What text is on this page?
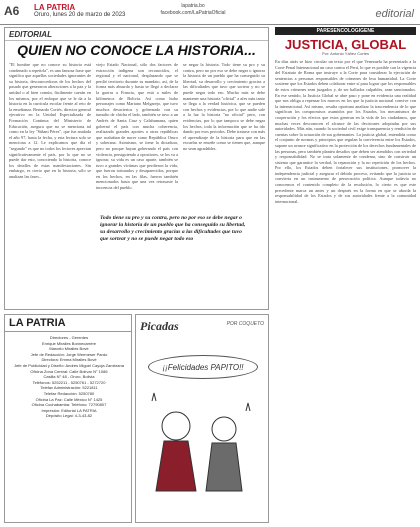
A6 LA PATRIA
Oruro, lunes 20 de marzo de 2023
lapatria.bo
facebook.com/LaPatriaOficial	editorial
EDITORIAL
QUIEN NO CONOCE LA HISTORIA...
"El hombre que no conoce su historia está condenado a repetirla", es una famosa frase que significa que aquellas sociedades ignorantes de su historia, desconocedoras de los hechos del pasado que generaron alteraciones a la paz y la unidad o al bien común, fácilmente caerán en los mismos, por el enfoque que se le da a la historia en la currícula escolar frente al reto de la enseñanza. Bernardo Cortés, director general ejecutivo en la Unidad Especializada de Formación Continua del Ministerio de Educación, asegura que no se menciona tal como en la ley "Siñani Pérez", que fue anulada el año 97, hasta la fecha, y esta lectura solo se menciona a 12. Le explicamos que día el "segundo" es que no todos los lectores aprecian significativamente el país, por lo que no se puede dar esto, conociendo la historia, conoce los detalles de estas manifestaciones. Sin embargo, es cierto que en la historia, sólo se analizan las fases...
viejo Estado Nacional, sólo dos factores de extracción indígena son reconocidos, el regional y el nacional, desplazando que se perdió territorio durante su mandato, así, de la forma más absurda y hasta se llegó a declarar la guerra a Francia, que está a miles de kilómetros de Bolivia. Así como hubo personajes como Mariano Melgarejo, que tuvo muchos desaciertos y gobernado con su tumulto de chicha el lado, también se tuvo a un Andrés de Santa Cruz y Calahumana, quien gobernó el país con mucha coherencia, realizando grandes aportes a otras repúblicas que acababan de nacer como República Oruro y soberana. Asimismo, se tiene la dictadura, pero no porque hayan gobernado el país con violencia, persiguiendo a opositores, se los va a ignorar, su vida es un caso aparte, también se tuvo a grandes víctimas que perdieron la vida, que fueron torturados y desaparecidos, porque en los hechos, en las filas, fueron también mencionados hasta que una vez retrasaste la inocencia del pueblo.
se negar la historia. Todo tiene su pro y su contra, pero no por eso se debe negar o ignorar la historia de un pueblo que ha conseguido su libertad, su desarrollo y crecimiento gracias a las dificultades que tuvo que sortear y no se puede negar todo eso. Mucho más se debe mantener una historia "oficial" a afes más tanto se llega a la verdad histórica, que se pueden con hechos y evidencias, por lo que nadie sale a la luz la historia "no oficial" pero, con evidencias, por lo que tampoco se debe negar los hechos, toda la información que se ha ido dando por esos periodos. Debe tratarse con más el aprendizaje de la historia para que en las escuelas se enseñe como se tienen que, aunque no sean agradables.
Todo tiene su pro y su contra, pero no por eso se debe negar o ignorar la historia de un pueblo que ha conseguido su libertad, su desarrollo y crecimiento gracias a las dificultades que tuvo que sortear y no se puede negar todo eso
PARESENCOLOGIGENE
JUSTICIA, GLOBAL
Por: Antonio Yáñez Cortés
En días atrás se hizo circular un texto por el que Venezuela ha presentado a la Corte Penal Internacional un caso contra el Perú, lo que es posible con la vigencia del Estatuto de Roma que instruye a la Corte para considerar la ejecución de sentencias a personas responsables de crímenes de lesa humanidad. La Corte sostiene que los Estados deben colaborar entre sí para lograr que los responsables de estos crímenes sean juzgados y, de ser hallados culpables, sean sancionados. En ese sentido, la Justicia Global se abre paso y pone en evidencia una realidad que nos obliga a repensar los marcos en los que la justicia nacional convive con la internacional. Así mismo, resulta oportuno analizar la trascendencia de lo que significan los compromisos asumidos por los Estados, los mecanismos de cooperación y los efectos que estos generan en la vida de los ciudadanos, que muchas veces desconocen el alcance de las decisiones adoptadas por sus autoridades. Más aún, cuando la sociedad civil exige transparencia y rendición de cuentas sobre la actuación de sus gobernantes. La justicia global, entendida como el conjunto de normas y principios que regulan la convivencia entre los Estados, supone un avance significativo en la protección de los derechos fundamentales de las personas, pero también plantea desafíos que deben ser atendidos con seriedad y responsabilidad. No se trata solamente de condenar, sino de construir un sistema que garantice la verdad, la reparación y la no repetición de los hechos. Por ello, los Estados deben fortalecer sus instituciones, promover la independencia judicial y asegurar el debido proceso, evitando que la justicia se convierta en un instrumento de persecución política. Aunque todavía no conocemos el contenido completo de la resolución, lo cierto es que este precedente marca un antes y un después en la forma en que se aborda la responsabilidad de los Estados y de sus autoridades frente a la comunidad internacional.
LA PATRIA
Directores - Gerentes
Enrique Miralles Bonnecarrère
Marcelo Miralles Bové
Jefe de Redacción: Jorge Wermeser Pardo
Directora: Emma Miralles Bové
Jefe de Publicidad y Diseño: Andrés Miguel Cayoja Zambrana
Oficina Zona Central: Calle Bolívar N° 1086
Casilla N° 48 - Oruro, Bolivia
Teléfonos: 5252211 - 5250761 - 5272720
Telefax Administración: 5221811
Telefax Redacción: 5250780
Oficina La Paz: Calle México N° 1425
Oficina Cochabamba: Teléfono: 72790807
Impresión: Editorial LA PATRIA
Depósito Legal: 4-3-43-82
Picadas	POR COQUETO
¡¡Felicidades PAPITO!!
